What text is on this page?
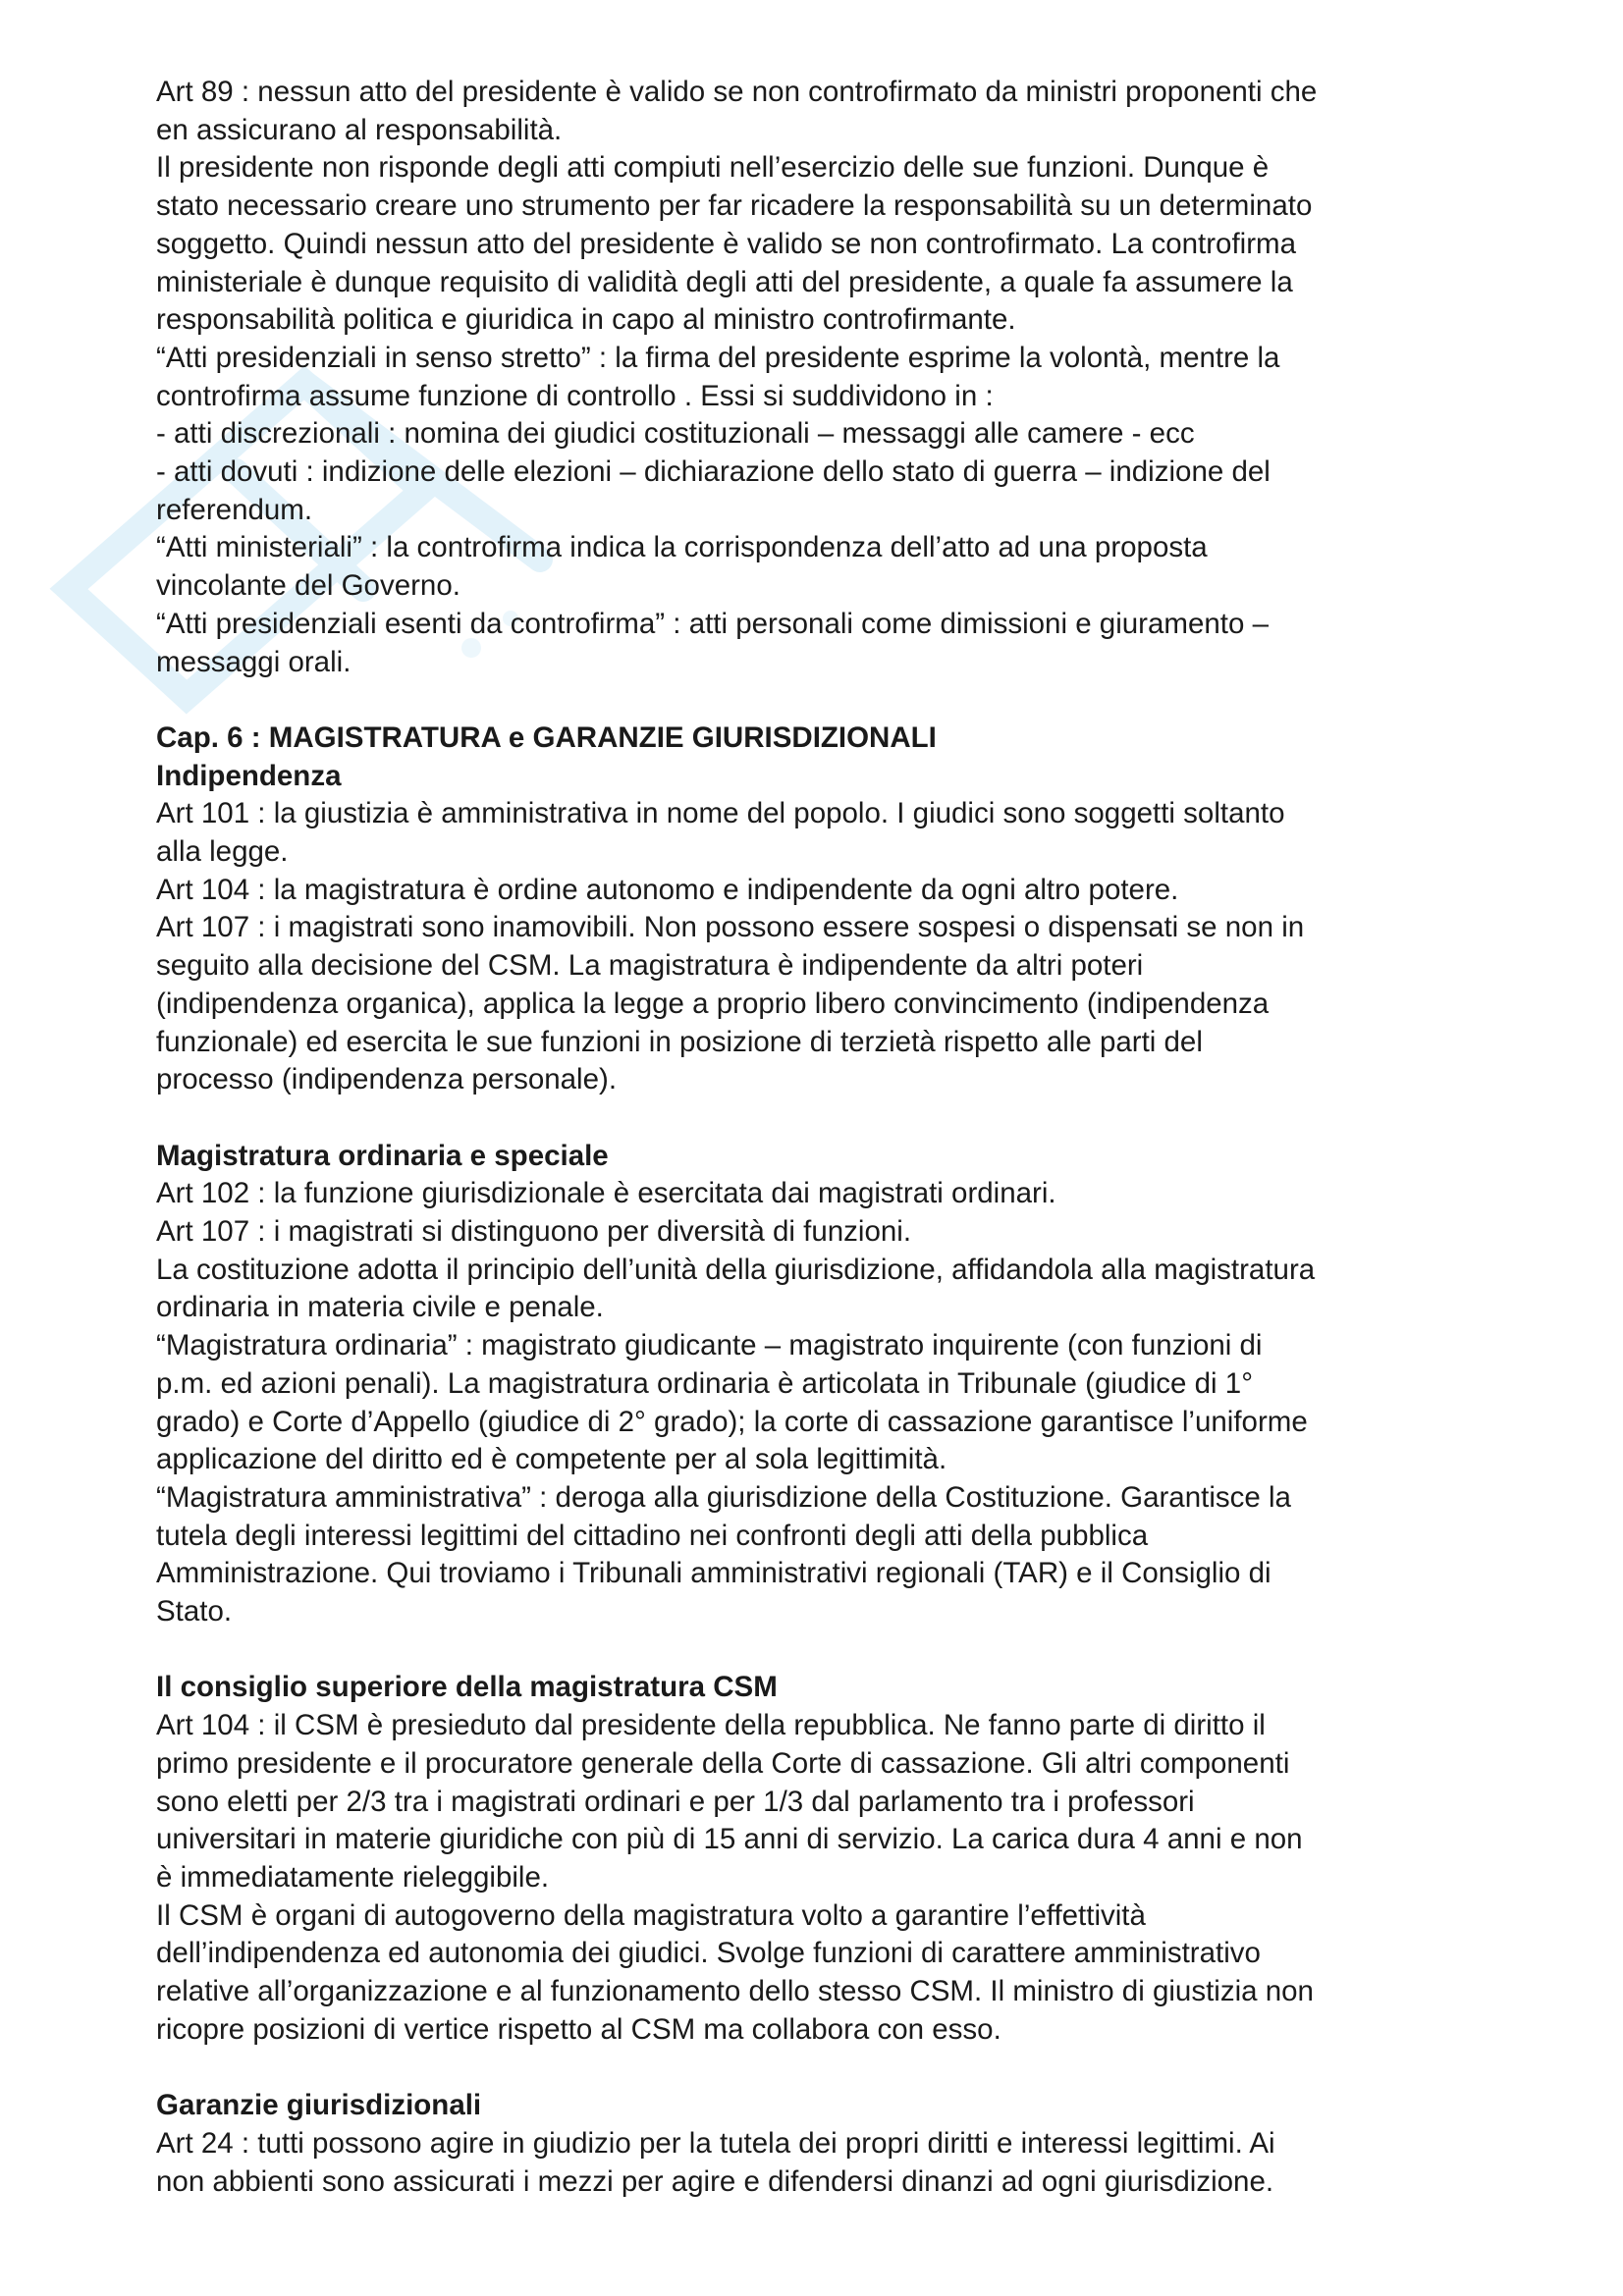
Art 89 : nessun atto del presidente è valido se non controfirmato da ministri proponenti che

en assicurano al responsabilità.

Il presidente non risponde degli atti compiuti nell’esercizio delle sue funzioni. Dunque è

stato necessario creare uno strumento per far ricadere la responsabilità su un determinato

soggetto. Quindi nessun atto del presidente è valido se non controfirmato. La controfirma

ministeriale è dunque requisito di validità degli atti del presidente, a quale fa assumere la

responsabilità politica e giuridica in capo al ministro controfirmante.

“Atti presidenziali in senso stretto” : la firma del presidente esprime la volontà, mentre la

controfirma assume funzione di controllo . Essi si suddividono in :

- atti discrezionali : nomina dei giudici costituzionali – messaggi alle camere - ecc

- atti dovuti : indizione delle elezioni – dichiarazione dello stato di guerra – indizione del

referendum.

“Atti ministeriali” : la controfirma indica la corrispondenza dell’atto ad una proposta

vincolante del Governo.

“Atti presidenziali esenti da controfirma” : atti personali come dimissioni e giuramento –

messaggi orali.

Cap. 6 : MAGISTRATURA e GARANZIE GIURISDIZIONALI

Indipendenza

Art 101 : la giustizia è amministrativa in nome del popolo. I giudici sono soggetti soltanto

alla legge.

Art 104 : la magistratura è ordine autonomo e indipendente da ogni altro potere.

Art 107 : i magistrati sono inamovibili. Non possono essere sospesi o dispensati se non in

seguito alla decisione del CSM. La magistratura è indipendente da altri poteri

(indipendenza organica), applica la legge a proprio libero convincimento (indipendenza

funzionale) ed esercita le sue funzioni in posizione di terzietà rispetto alle parti del

processo (indipendenza personale).

Magistratura ordinaria e speciale

Art 102 : la funzione giurisdizionale è esercitata dai magistrati ordinari.

Art 107 : i magistrati si distinguono per diversità di funzioni.

La costituzione adotta il principio dell’unità della giurisdizione, affidandola alla magistratura

ordinaria in materia civile e penale.

“Magistratura ordinaria” : magistrato giudicante – magistrato inquirente (con funzioni di

p.m. ed azioni penali). La magistratura ordinaria è articolata in Tribunale (giudice di 1°

grado) e Corte d’Appello (giudice di 2° grado); la corte di cassazione garantisce l’uniforme

applicazione del diritto ed è competente per al sola legittimità.

“Magistratura amministrativa” : deroga alla giurisdizione della Costituzione. Garantisce la

tutela degli interessi legittimi del cittadino nei confronti degli atti della pubblica

Amministrazione. Qui troviamo i Tribunali amministrativi regionali (TAR) e il Consiglio di

Stato.

Il consiglio superiore della magistratura CSM

Art 104 : il CSM è presieduto dal presidente della repubblica. Ne fanno parte di diritto il

primo presidente e il procuratore generale della Corte di cassazione. Gli altri componenti

sono eletti per 2/3 tra i magistrati ordinari e per 1/3 dal parlamento tra i professori

universitari in materie giuridiche con più di 15 anni di servizio. La carica dura 4 anni e non

è immediatamente rieleggibile.

Il CSM è organi di autogoverno della magistratura volto a garantire l’effettività

dell’indipendenza ed autonomia dei giudici. Svolge funzioni di carattere amministrativo

relative all’organizzazione e al funzionamento dello stesso CSM. Il ministro di giustizia non

ricopre posizioni di vertice rispetto al CSM ma collabora con esso.

Garanzie giurisdizionali

Art 24 : tutti possono agire in giudizio per la tutela dei propri diritti e interessi legittimi. Ai

non abbienti sono assicurati i mezzi per agire e difendersi dinanzi ad ogni giurisdizione.
